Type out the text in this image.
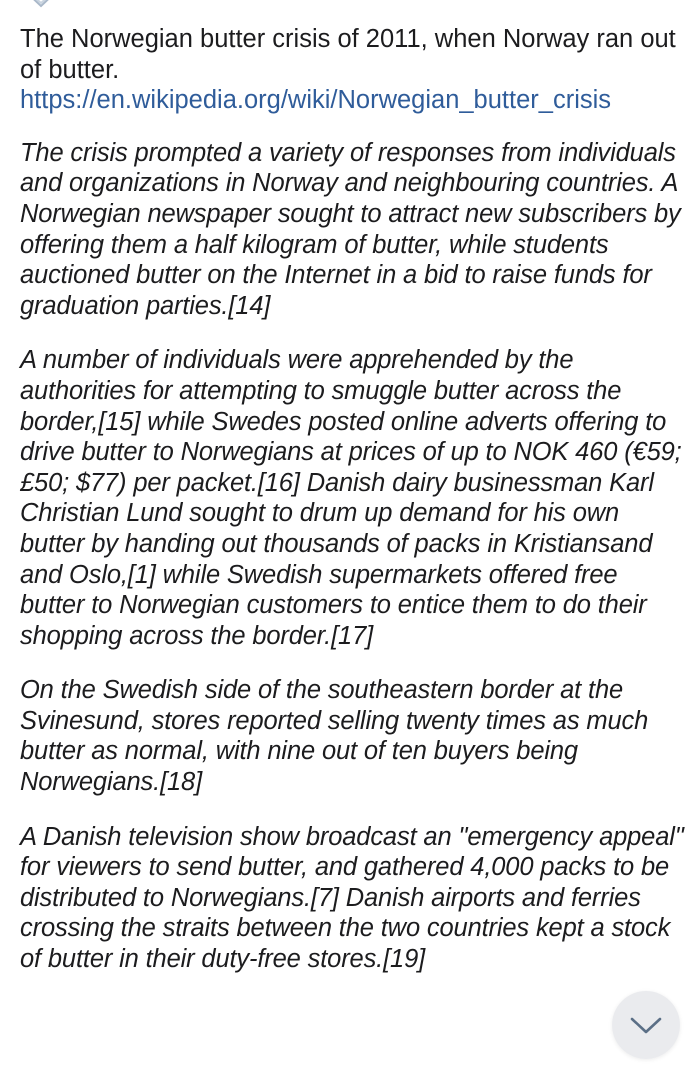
The Norwegian butter crisis of 2011, when Norway ran out of butter.
https://en.wikipedia.org/wiki/Norwegian_butter_crisis

The crisis prompted a variety of responses from individuals and organizations in Norway and neighbouring countries. A Norwegian newspaper sought to attract new subscribers by offering them a half kilogram of butter, while students auctioned butter on the Internet in a bid to raise funds for graduation parties.[14]

A number of individuals were apprehended by the authorities for attempting to smuggle butter across the border,[15] while Swedes posted online adverts offering to drive butter to Norwegians at prices of up to NOK 460 (€59; £50; $77) per packet.[16] Danish dairy businessman Karl Christian Lund sought to drum up demand for his own butter by handing out thousands of packs in Kristiansand and Oslo,[1] while Swedish supermarkets offered free butter to Norwegian customers to entice them to do their shopping across the border.[17]

On the Swedish side of the southeastern border at the Svinesund, stores reported selling twenty times as much butter as normal, with nine out of ten buyers being Norwegians.[18]

A Danish television show broadcast an "emergency appeal" for viewers to send butter, and gathered 4,000 packs to be distributed to Norwegians.[7] Danish airports and ferries crossing the straits between the two countries kept a stock of butter in their duty-free stores.[19]
